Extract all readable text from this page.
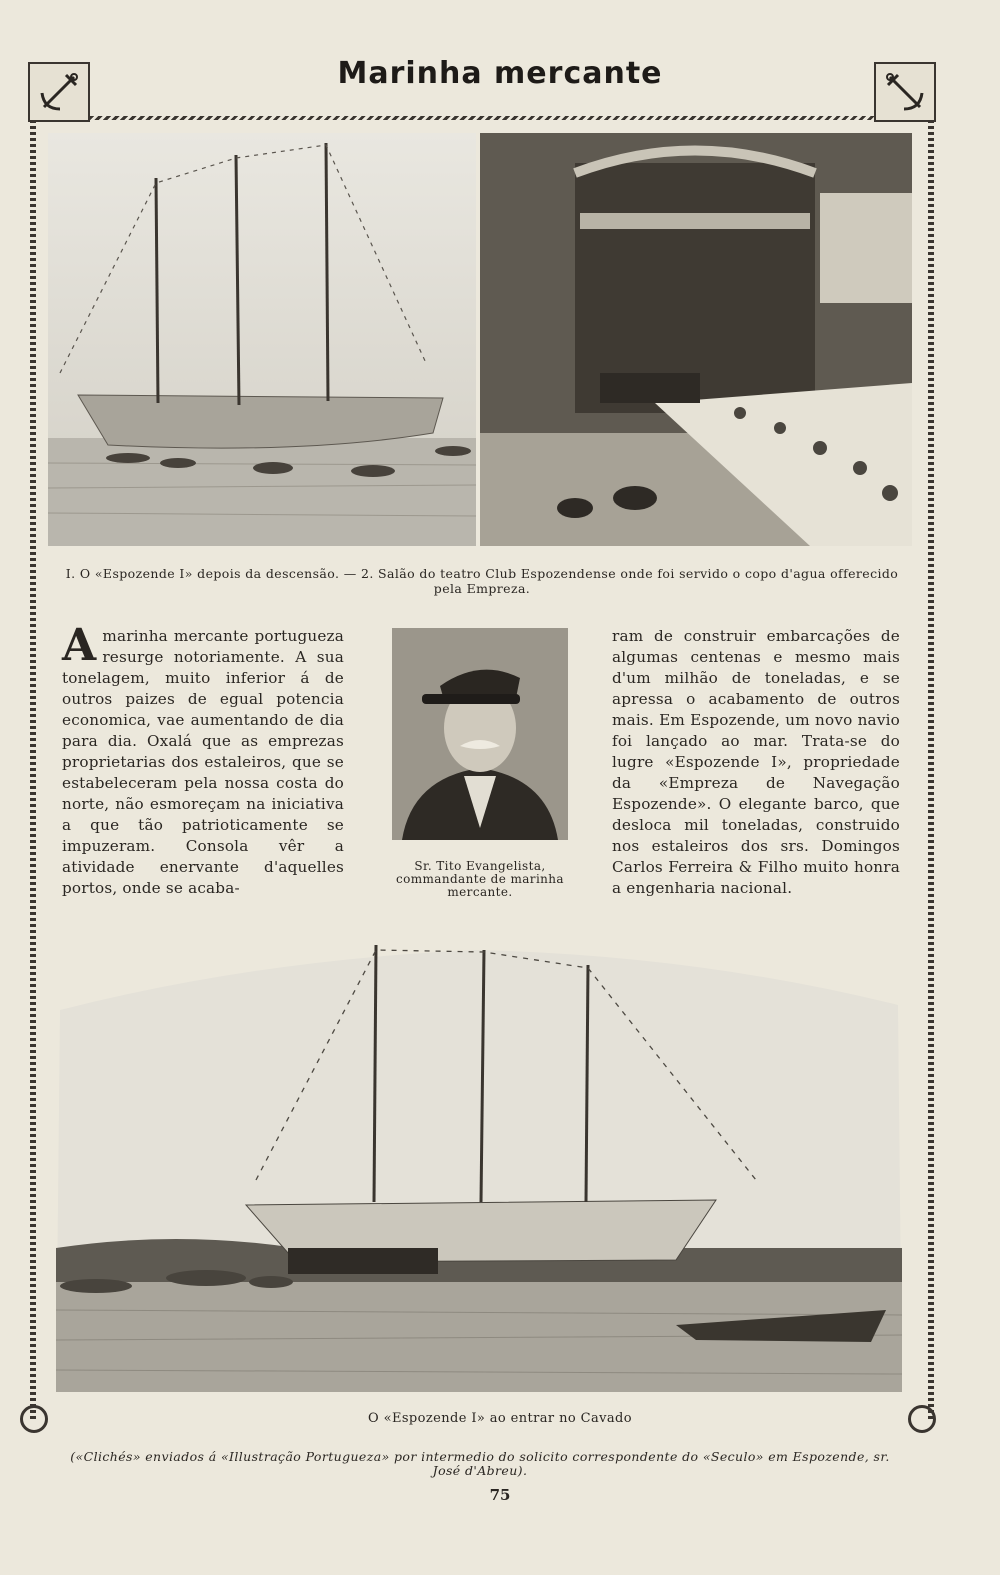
Marinha mercante
I. O «Espozende I» depois da descensão. — 2. Salão do teatro Club Espozendense onde foi servido o copo d'agua offerecido pela Empreza.
A marinha mercante portugueza resurge notoriamente. A sua tonelagem, muito inferior á de outros paizes de egual potencia economica, vae aumentando de dia para dia. Oxalá que as emprezas proprietarias dos estaleiros, que se estabeleceram pela nossa costa do norte, não esmoreçam na iniciativa a que tão patrioticamente se impuzeram. Consola vêr a atividade enervante d'aquelles portos, onde se acaba-
Sr. Tito Evangelista, commandante de marinha mercante.
ram de construir embarcações de algumas centenas e mesmo mais d'um milhão de toneladas, e se apressa o acabamento de outros mais. Em Espozende, um novo navio foi lançado ao mar. Trata-se do lugre «Espozende I», propriedade da «Empreza de Navegação Espozende». O elegante barco, que desloca mil toneladas, construido nos estaleiros dos srs. Domingos Carlos Ferreira & Filho muito honra a engenharia nacional.
O «Espozende I» ao entrar no Cavado
(«Clichés» enviados á «Illustração Portugueza» por intermedio do solicito correspondente do «Seculo» em Espozende, sr. José d'Abreu).
75
